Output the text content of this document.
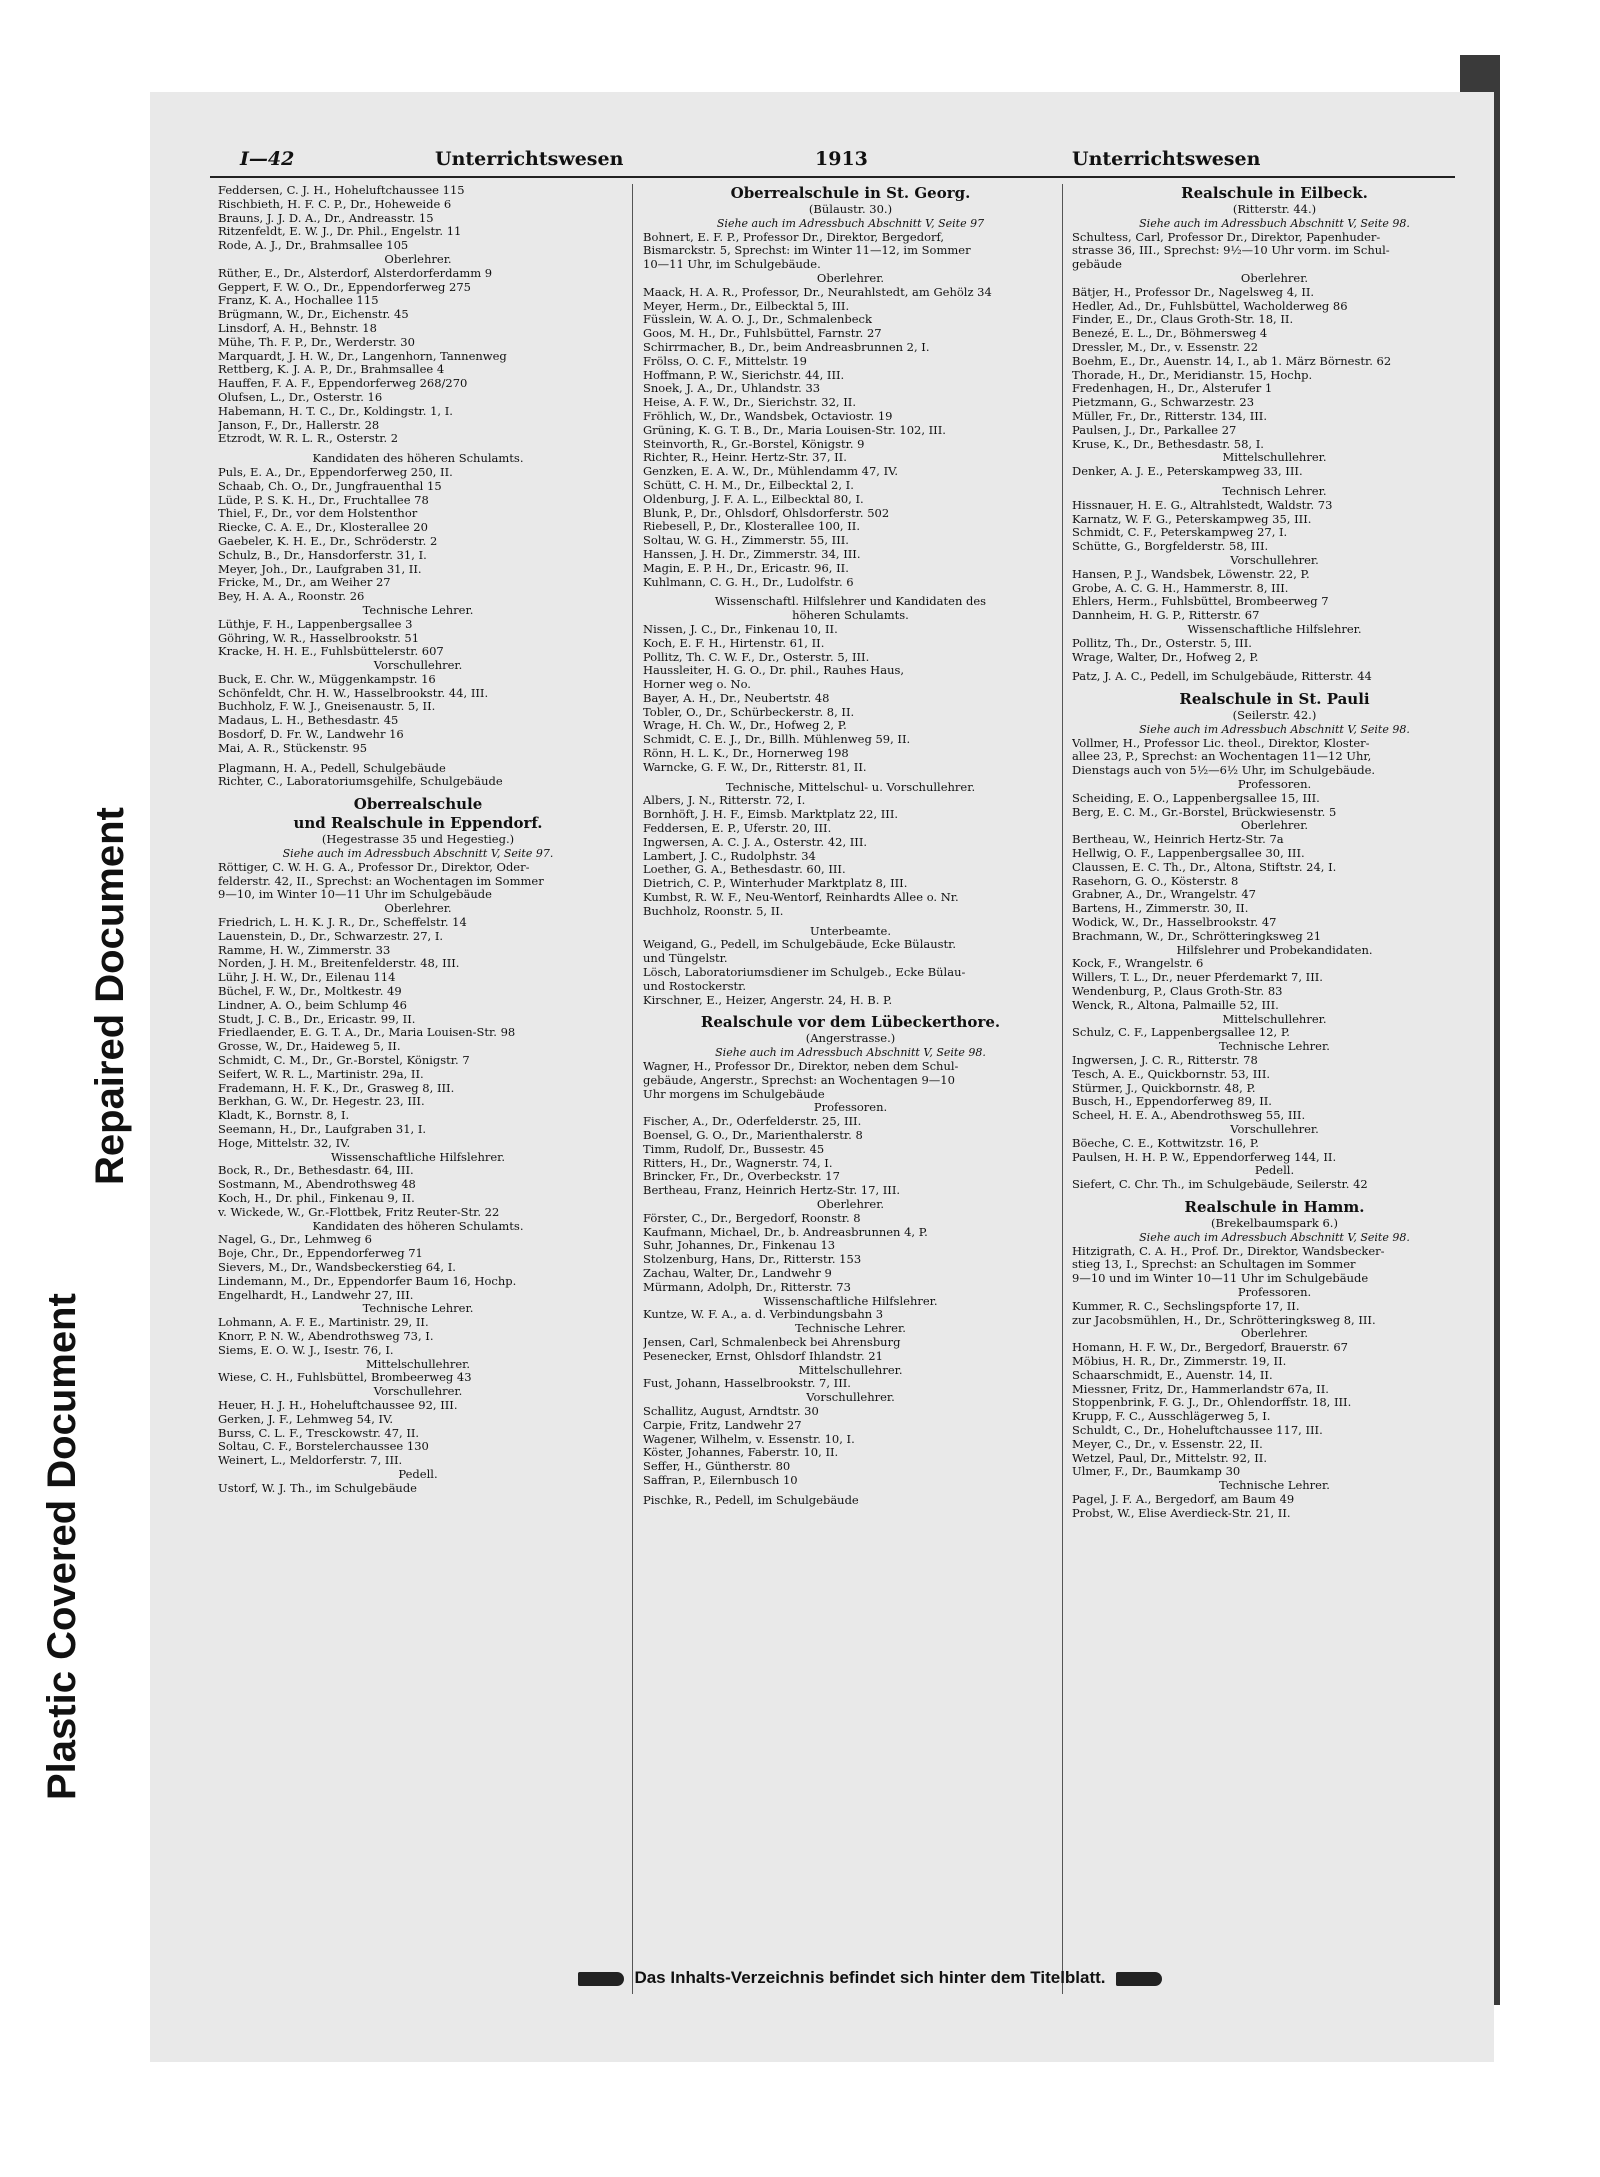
Plastic Covered Document
Repaired Document
I—42	Unterrichtswesen	1913	Unterrichtswesen
Feddersen, C. J. H., Hoheluftchaussee 115
Rischbieth, H. F. C. P., Dr., Hoheweide 6
Brauns, J. J. D. A., Dr., Andreasstr. 15
Ritzenfeldt, E. W. J., Dr. Phil., Engelstr. 11
Rode, A. J., Dr., Brahmsallee 105
Oberlehrer.
Rüther, E., Dr., Alsterdorf, Alsterdorferdamm 9
Geppert, F. W. O., Dr., Eppendorferweg 275
Franz, K. A., Hochallee 115
Brügmann, W., Dr., Eichenstr. 45
Linsdorf, A. H., Behnstr. 18
Mühe, Th. F. P., Dr., Werderstr. 30
Marquardt, J. H. W., Dr., Langenhorn, Tannenweg
Rettberg, K. J. A. P., Dr., Brahmsallee 4
Hauffen, F. A. F., Eppendorferweg 268/270
Olufsen, L., Dr., Osterstr. 16
Habemann, H. T. C., Dr., Koldingstr. 1, I.
Janson, F., Dr., Hallerstr. 28
Etzrodt, W. R. L. R., Osterstr. 2
Kandidaten des höheren Schulamts.
Puls, E. A., Dr., Eppendorferweg 250, II.
Schaab, Ch. O., Dr., Jungfrauenthal 15
Lüde, P. S. K. H., Dr., Fruchtallee 78
Thiel, F., Dr., vor dem Holstenthor
Riecke, C. A. E., Dr., Klosterallee 20
Gaebeler, K. H. E., Dr., Schröderstr. 2
Schulz, B., Dr., Hansdorferstr. 31, I.
Meyer, Joh., Dr., Laufgraben 31, II.
Fricke, M., Dr., am Weiher 27
Bey, H. A. A., Roonstr. 26
Technische Lehrer.
Lüthje, F. H., Lappenbergsallee 3
Göhring, W. R., Hasselbrookstr. 51
Kracke, H. H. E., Fuhlsbüttelerstr. 607
Vorschullehrer.
Buck, E. Chr. W., Müggenkampstr. 16
Schönfeldt, Chr. H. W., Hasselbrookstr. 44, III.
Buchholz, F. W. J., Gneisenaustr. 5, II.
Madaus, L. H., Bethesdastr. 45
Bosdorf, D. Fr. W., Landwehr 16
Mai, A. R., Stückenstr. 95
Plagmann, H. A., Pedell, Schulgebäude
Richter, C., Laboratoriumsgehilfe, Schulgebäude
Oberrealschule
und Realschule in Eppendorf.
(Hegestrasse 35 und Hegestieg.)
Siehe auch im Adressbuch Abschnitt V, Seite 97.
Röttiger, C. W. H. G. A., Professor Dr., Direktor, Oder-
felderstr. 42, II., Sprechst: an Wochentagen im Sommer
9—10, im Winter 10—11 Uhr im Schulgebäude
Oberlehrer.
Friedrich, L. H. K. J. R., Dr., Scheffelstr. 14
Lauenstein, D., Dr., Schwarzestr. 27, I.
Ramme, H. W., Zimmerstr. 33
Norden, J. H. M., Breitenfelderstr. 48, III.
Lühr, J. H. W., Dr., Eilenau 114
Büchel, F. W., Dr., Moltkestr. 49
Lindner, A. O., beim Schlump 46
Studt, J. C. B., Dr., Ericastr. 99, II.
Friedlaender, E. G. T. A., Dr., Maria Louisen-Str. 98
Grosse, W., Dr., Haideweg 5, II.
Schmidt, C. M., Dr., Gr.-Borstel, Königstr. 7
Seifert, W. R. L., Martinistr. 29a, II.
Frademann, H. F. K., Dr., Grasweg 8, III.
Berkhan, G. W., Dr. Hegestr. 23, III.
Kladt, K., Bornstr. 8, I.
Seemann, H., Dr., Laufgraben 31, I.
Hoge, Mittelstr. 32, IV.
Wissenschaftliche Hilfslehrer.
Bock, R., Dr., Bethesdastr. 64, III.
Sostmann, M., Abendrothsweg 48
Koch, H., Dr. phil., Finkenau 9, II.
v. Wickede, W., Gr.-Flottbek, Fritz Reuter-Str. 22
Kandidaten des höheren Schulamts.
Nagel, G., Dr., Lehmweg 6
Boje, Chr., Dr., Eppendorferweg 71
Sievers, M., Dr., Wandsbeckerstieg 64, I.
Lindemann, M., Dr., Eppendorfer Baum 16, Hochp.
Engelhardt, H., Landwehr 27, III.
Technische Lehrer.
Lohmann, A. F. E., Martinistr. 29, II.
Knorr, P. N. W., Abendrothsweg 73, I.
Siems, E. O. W. J., Isestr. 76, I.
Mittelschullehrer.
Wiese, C. H., Fuhlsbüttel, Brombeerweg 43
Vorschullehrer.
Heuer, H. J. H., Hoheluftchaussee 92, III.
Gerken, J. F., Lehmweg 54, IV.
Burss, C. L. F., Tresckowstr. 47, II.
Soltau, C. F., Borstelerchaussee 130
Weinert, L., Meldorferstr. 7, III.
Pedell.
Ustorf, W. J. Th., im Schulgebäude
Oberrealschule in St. Georg.
(Bülaustr. 30.)
Siehe auch im Adressbuch Abschnitt V, Seite 97
Bohnert, E. F. P., Professor Dr., Direktor, Bergedorf,
Bismarckstr. 5, Sprechst: im Winter 11—12, im Sommer
10—11 Uhr, im Schulgebäude.
Oberlehrer.
Maack, H. A. R., Professor, Dr., Neurahlstedt, am Gehölz 34
Meyer, Herm., Dr., Eilbecktal 5, III.
Füsslein, W. A. O. J., Dr., Schmalenbeck
Goos, M. H., Dr., Fuhlsbüttel, Farnstr. 27
Schirrmacher, B., Dr., beim Andreasbrunnen 2, I.
Frölss, O. C. F., Mittelstr. 19
Hoffmann, P. W., Sierichstr. 44, III.
Snoek, J. A., Dr., Uhlandstr. 33
Heise, A. F. W., Dr., Sierichstr. 32, II.
Fröhlich, W., Dr., Wandsbek, Octaviostr. 19
Grüning, K. G. T. B., Dr., Maria Louisen-Str. 102, III.
Steinvorth, R., Gr.-Borstel, Königstr. 9
Richter, R., Heinr. Hertz-Str. 37, II.
Genzken, E. A. W., Dr., Mühlendamm 47, IV.
Schütt, C. H. M., Dr., Eilbecktal 2, I.
Oldenburg, J. F. A. L., Eilbecktal 80, I.
Blunk, P., Dr., Ohlsdorf, Ohlsdorferstr. 502
Riebesell, P., Dr., Klosterallee 100, II.
Soltau, W. G. H., Zimmerstr. 55, III.
Hanssen, J. H. Dr., Zimmerstr. 34, III.
Magin, E. P. H., Dr., Ericastr. 96, II.
Kuhlmann, C. G. H., Dr., Ludolfstr. 6
Wissenschaftl. Hilfslehrer und Kandidaten des
höheren Schulamts.
Nissen, J. C., Dr., Finkenau 10, II.
Koch, E. F. H., Hirtenstr. 61, II.
Pollitz, Th. C. W. F., Dr., Osterstr. 5, III.
Haussleiter, H. G. O., Dr. phil., Rauhes Haus,
Horner weg o. No.
Bayer, A. H., Dr., Neubertstr. 48
Tobler, O., Dr., Schürbeckerstr. 8, II.
Wrage, H. Ch. W., Dr., Hofweg 2, P.
Schmidt, C. E. J., Dr., Billh. Mühlenweg 59, II.
Rönn, H. L. K., Dr., Hornerweg 198
Warncke, G. F. W., Dr., Ritterstr. 81, II.
Technische, Mittelschul- u. Vorschullehrer.
Albers, J. N., Ritterstr. 72, I.
Bornhöft, J. H. F., Eimsb. Marktplatz 22, III.
Feddersen, E. P., Uferstr. 20, III.
Ingwersen, A. C. J. A., Osterstr. 42, III.
Lambert, J. C., Rudolphstr. 34
Loether, G. A., Bethesdastr. 60, III.
Dietrich, C. P., Winterhuder Marktplatz 8, III.
Kumbst, R. W. F., Neu-Wentorf, Reinhardts Allee o. Nr.
Buchholz, Roonstr. 5, II.
Unterbeamte.
Weigand, G., Pedell, im Schulgebäude, Ecke Bülaustr.
und Tüngelstr.
Lösch, Laboratoriumsdiener im Schulgeb., Ecke Bülau-
und Rostockerstr.
Kirschner, E., Heizer, Angerstr. 24, H. B. P.
Realschule vor dem Lübeckerthore.
(Angerstrasse.)
Siehe auch im Adressbuch Abschnitt V, Seite 98.
Wagner, H., Professor Dr., Direktor, neben dem Schul-
gebäude, Angerstr., Sprechst: an Wochentagen 9—10
Uhr morgens im Schulgebäude
Professoren.
Fischer, A., Dr., Oderfelderstr. 25, III.
Boensel, G. O., Dr., Marienthalerstr. 8
Timm, Rudolf, Dr., Bussestr. 45
Ritters, H., Dr., Wagnerstr. 74, I.
Brincker, Fr., Dr., Overbeckstr. 17
Bertheau, Franz, Heinrich Hertz-Str. 17, III.
Oberlehrer.
Förster, C., Dr., Bergedorf, Roonstr. 8
Kaufmann, Michael, Dr., b. Andreasbrunnen 4, P.
Suhr, Johannes, Dr., Finkenau 13
Stolzenburg, Hans, Dr., Ritterstr. 153
Zachau, Walter, Dr., Landwehr 9
Mürmann, Adolph, Dr., Ritterstr. 73
Wissenschaftliche Hilfslehrer.
Kuntze, W. F. A., a. d. Verbindungsbahn 3
Technische Lehrer.
Jensen, Carl, Schmalenbeck bei Ahrensburg
Pesenecker, Ernst, Ohlsdorf Ihlandstr. 21
Mittelschullehrer.
Fust, Johann, Hasselbrookstr. 7, III.
Vorschullehrer.
Schallitz, August, Arndtstr. 30
Carpie, Fritz, Landwehr 27
Wagener, Wilhelm, v. Essenstr. 10, I.
Köster, Johannes, Faberstr. 10, II.
Seffer, H., Güntherstr. 80
Saffran, P., Eilernbusch 10
Pischke, R., Pedell, im Schulgebäude
Realschule in Eilbeck.
(Ritterstr. 44.)
Siehe auch im Adressbuch Abschnitt V, Seite 98.
Schultess, Carl, Professor Dr., Direktor, Papenhuder-
strasse 36, III., Sprechst: 9½—10 Uhr vorm. im Schul-
gebäude
Oberlehrer.
Bätjer, H., Professor Dr., Nagelsweg 4, II.
Hedler, Ad., Dr., Fuhlsbüttel, Wacholderweg 86
Finder, E., Dr., Claus Groth-Str. 18, II.
Benezé, E. L., Dr., Böhmersweg 4
Dressler, M., Dr., v. Essenstr. 22
Boehm, E., Dr., Auenstr. 14, I., ab 1. März Börnestr. 62
Thorade, H., Dr., Meridianstr. 15, Hochp.
Fredenhagen, H., Dr., Alsterufer 1
Pietzmann, G., Schwarzestr. 23
Müller, Fr., Dr., Ritterstr. 134, III.
Paulsen, J., Dr., Parkallee 27
Kruse, K., Dr., Bethesdastr. 58, I.
Mittelschullehrer.
Denker, A. J. E., Peterskampweg 33, III.
Technisch Lehrer.
Hissnauer, H. E. G., Altrahlstedt, Waldstr. 73
Karnatz, W. F. G., Peterskampweg 35, III.
Schmidt, C. F., Peterskampweg 27, I.
Schütte, G., Borgfelderstr. 58, III.
Vorschullehrer.
Hansen, P. J., Wandsbek, Löwenstr. 22, P.
Grobe, A. C. G. H., Hammerstr. 8, III.
Ehlers, Herm., Fuhlsbüttel, Brombeerweg 7
Dannheim, H. G. P., Ritterstr. 67
Wissenschaftliche Hilfslehrer.
Pollitz, Th., Dr., Osterstr. 5, III.
Wrage, Walter, Dr., Hofweg 2, P.
Patz, J. A. C., Pedell, im Schulgebäude, Ritterstr. 44
Realschule in St. Pauli
(Seilerstr. 42.)
Siehe auch im Adressbuch Abschnitt V, Seite 98.
Vollmer, H., Professor Lic. theol., Direktor, Kloster-
allee 23, P., Sprechst: an Wochentagen 11—12 Uhr,
Dienstags auch von 5½—6½ Uhr, im Schulgebäude.
Professoren.
Scheiding, E. O., Lappenbergsallee 15, III.
Berg, E. C. M., Gr.-Borstel, Brückwiesenstr. 5
Oberlehrer.
Bertheau, W., Heinrich Hertz-Str. 7a
Hellwig, O. F., Lappenbergsallee 30, III.
Claussen, E. C. Th., Dr., Altona, Stiftstr. 24, I.
Rasehorn, G. O., Kösterstr. 8
Grabner, A., Dr., Wrangelstr. 47
Bartens, H., Zimmerstr. 30, II.
Wodick, W., Dr., Hasselbrookstr. 47
Brachmann, W., Dr., Schrötteringksweg 21
Hilfslehrer und Probekandidaten.
Kock, F., Wrangelstr. 6
Willers, T. L., Dr., neuer Pferdemarkt 7, III.
Wendenburg, P., Claus Groth-Str. 83
Wenck, R., Altona, Palmaille 52, III.
Mittelschullehrer.
Schulz, C. F., Lappenbergsallee 12, P.
Technische Lehrer.
Ingwersen, J. C. R., Ritterstr. 78
Tesch, A. E., Quickbornstr. 53, III.
Stürmer, J., Quickbornstr. 48, P.
Busch, H., Eppendorferweg 89, II.
Scheel, H. E. A., Abendrothsweg 55, III.
Vorschullehrer.
Böeche, C. E., Kottwitzstr. 16, P.
Paulsen, H. H. P. W., Eppendorferweg 144, II.
Pedell.
Siefert, C. Chr. Th., im Schulgebäude, Seilerstr. 42
Realschule in Hamm.
(Brekelbaumspark 6.)
Siehe auch im Adressbuch Abschnitt V, Seite 98.
Hitzigrath, C. A. H., Prof. Dr., Direktor, Wandsbecker-
stieg 13, I., Sprechst: an Schultagen im Sommer
9—10 und im Winter 10—11 Uhr im Schulgebäude
Professoren.
Kummer, R. C., Sechslingspforte 17, II.
zur Jacobsmühlen, H., Dr., Schrötteringksweg 8, III.
Oberlehrer.
Homann, H. F. W., Dr., Bergedorf, Brauerstr. 67
Möbius, H. R., Dr., Zimmerstr. 19, II.
Schaarschmidt, E., Auenstr. 14, II.
Miessner, Fritz, Dr., Hammerlandstr 67a, II.
Stoppenbrink, F. G. J., Dr., Ohlendorffstr. 18, III.
Krupp, F. C., Ausschlägerweg 5, I.
Schuldt, C., Dr., Hoheluftchaussee 117, III.
Meyer, C., Dr., v. Essenstr. 22, II.
Wetzel, Paul, Dr., Mittelstr. 92, II.
Ulmer, F., Dr., Baumkamp 30
Technische Lehrer.
Pagel, J. F. A., Bergedorf, am Baum 49
Probst, W., Elise Averdieck-Str. 21, II.
Das Inhalts-Verzeichnis befindet sich hinter dem Titelblatt.
